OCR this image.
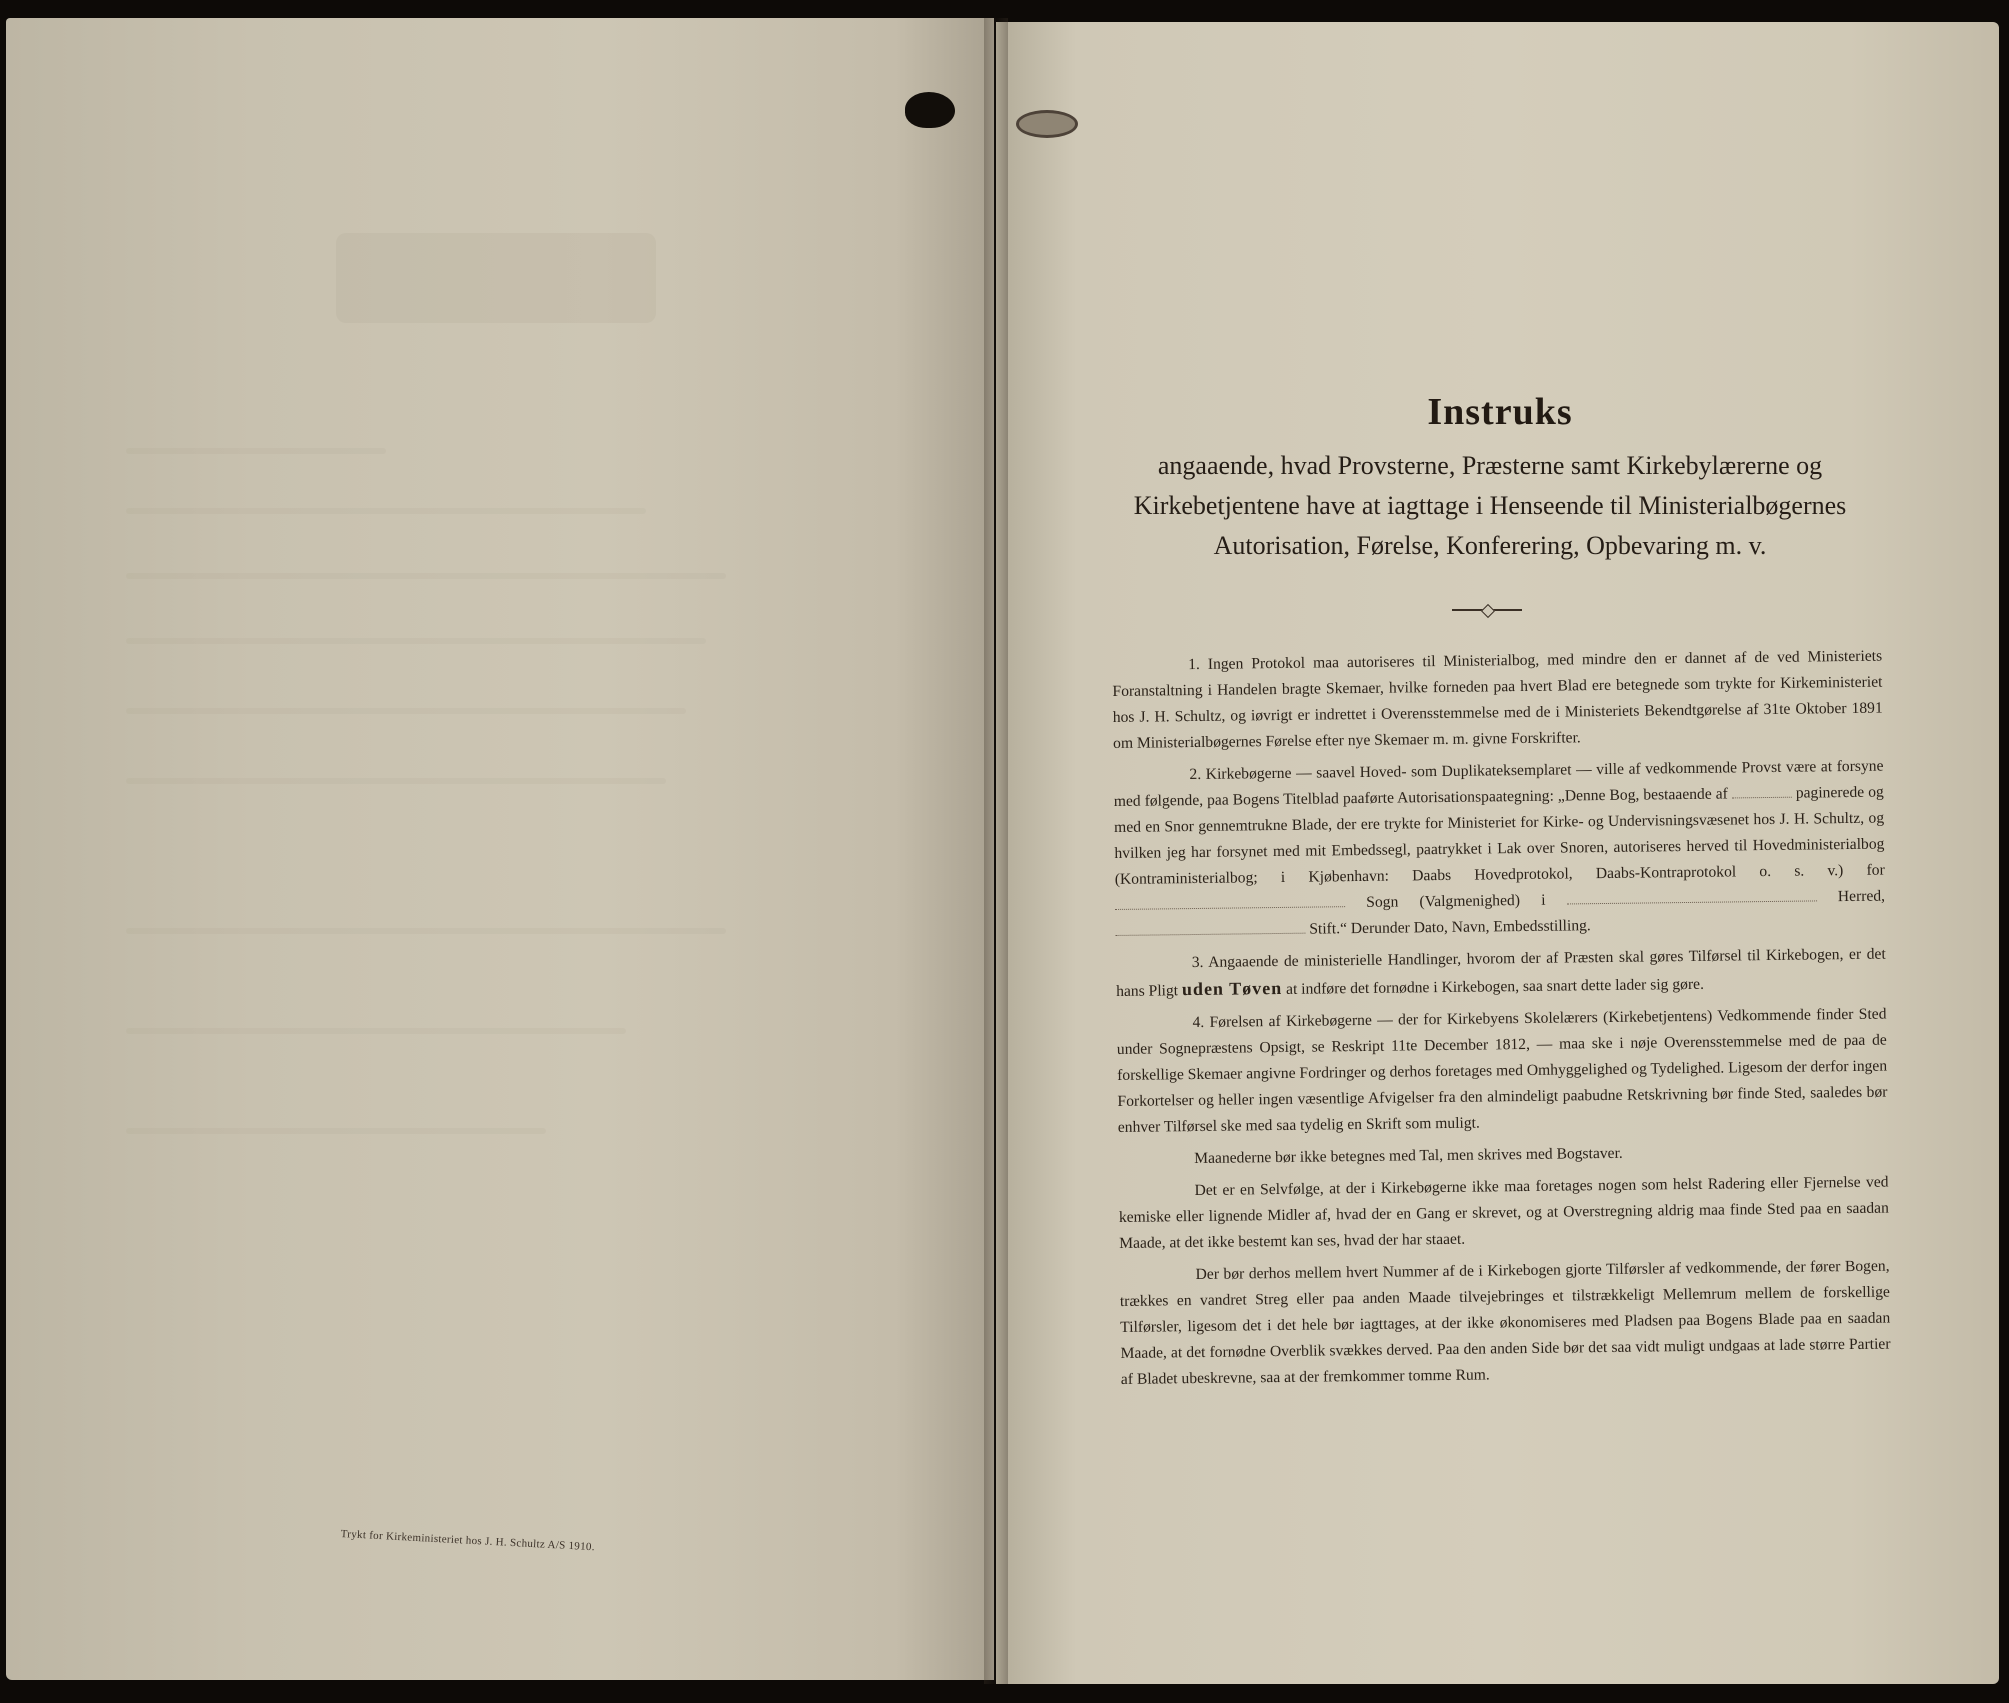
Trykt for Kirkeministeriet hos J. H. Schultz A/S 1910.
Instruks
angaaende, hvad Provsterne, Præsterne samt Kirkebylærerne og
Kirkebetjentene have at iagttage i Henseende til Ministerialbøgernes
Autorisation, Førelse, Konferering, Opbevaring m. v.

1. Ingen Protokol maa autoriseres til Ministerialbog, med mindre den er dannet af de ved Ministeriets Foranstaltning i Handelen bragte Skemaer, hvilke forneden paa hvert Blad ere betegnede som trykte for Kirkeministeriet hos J. H. Schultz, og iøvrigt er indrettet i Overensstemmelse med de i Ministeriets Bekendtgørelse af 31te Oktober 1891 om Ministerialbøgernes Førelse efter nye Skemaer m. m. givne Forskrifter.

2. Kirkebøgerne — saavel Hoved- som Duplikateksemplaret — ville af vedkommende Provst være at forsyne med følgende, paa Bogens Titelblad paaførte Autorisationspaategning: „Denne Bog, bestaaende af	paginerede og med en Snor gennemtrukne Blade, der ere trykte for Ministeriet for Kirke- og Undervisningsvæsenet hos J. H. Schultz, og hvilken jeg har forsynet med mit Embedssegl, paatrykket i Lak over Snoren, autoriseres herved til Hovedministerialbog (Kontraministerialbog; i Kjøbenhavn: Daabs Hovedprotokol, Daabs-Kontraprotokol o. s. v.) for  Sogn (Valgmenighed) i	Herred,  Stift.“ Derunder Dato, Navn, Embedsstilling.

3. Angaaende de ministerielle Handlinger, hvorom der af Præsten skal gøres Tilførsel til Kirkebogen, er det hans Pligt uden Tøven at indføre det fornødne i Kirkebogen, saa snart dette lader sig gøre.

4. Førelsen af Kirkebøgerne — der for Kirkebyens Skolelærers (Kirkebetjentens) Vedkommende finder Sted under Sognepræstens Opsigt, se Reskript 11te December 1812, — maa ske i nøje Overensstemmelse med de paa de forskellige Skemaer angivne Fordringer og derhos foretages med Omhyggelighed og Tydelighed. Ligesom der derfor ingen Forkortelser og heller ingen væsentlige Afvigelser fra den almindeligt paabudne Retskrivning bør finde Sted, saaledes bør enhver Tilførsel ske med saa tydelig en Skrift som muligt.

Maanederne bør ikke betegnes med Tal, men skrives med Bogstaver.

Det er en Selvfølge, at der i Kirkebøgerne ikke maa foretages nogen som helst Radering eller Fjernelse ved kemiske eller lignende Midler af, hvad der en Gang er skrevet, og at Overstregning aldrig maa finde Sted paa en saadan Maade, at det ikke bestemt kan ses, hvad der har staaet.

Der bør derhos mellem hvert Nummer af de i Kirkebogen gjorte Tilførsler af vedkommende, der fører Bogen, trækkes en vandret Streg eller paa anden Maade tilvejebringes et tilstrækkeligt Mellemrum mellem de forskellige Tilførsler, ligesom det i det hele bør iagttages, at der ikke økonomiseres med Pladsen paa Bogens Blade paa en saadan Maade, at det fornødne Overblik svækkes derved. Paa den anden Side bør det saa vidt muligt undgaas at lade større Partier af Bladet ubeskrevne, saa at der fremkommer tomme Rum.
